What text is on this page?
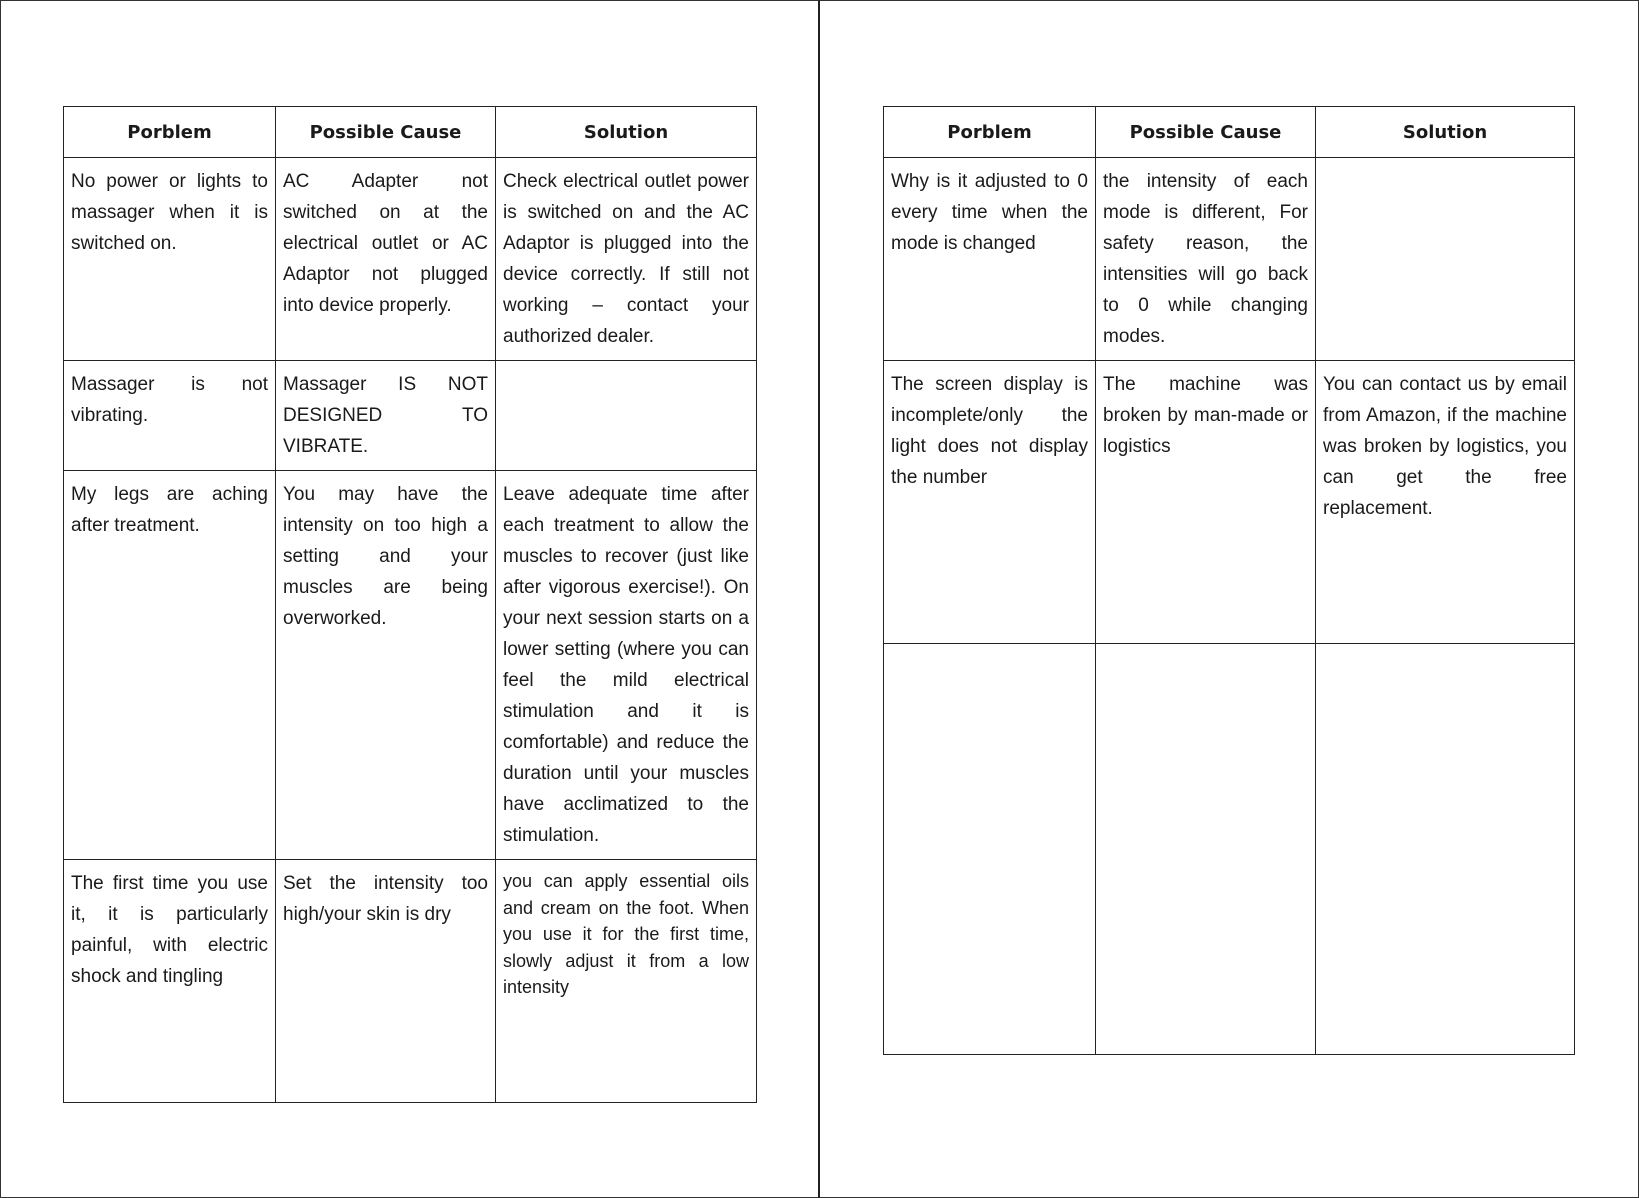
Porblem	Possible Cause	Solution
No power or lights to massager when it is switched on.	AC Adapter not switched on at the electrical outlet or AC Adaptor not plugged into device properly.	Check electrical outlet power is switched on and the AC Adaptor is plugged into the device correctly. If still not working – contact your authorized dealer.
Massager is not vibrating.	Massager IS NOT DESIGNED TO VIBRATE.	
My legs are aching after treatment.	You may have the intensity on too high a setting and your muscles are being overworked.	Leave adequate time after each treatment to allow the muscles to recover (just like after vigorous exercise!). On your next session starts on a lower setting (where you can feel the mild electrical stimulation and it is comfortable) and reduce the duration until your muscles have acclimatized to the stimulation.
The first time you use it, it is particularly painful, with electric shock and tingling	Set the intensity too high/your skin is dry	you can apply essential oils and cream on the foot. When you use it for the first time, slowly adjust it from a low intensity
Porblem	Possible Cause	Solution
Why is it adjusted to 0 every time when the mode is changed	the intensity of each mode is different, For safety reason, the intensities will go back to 0 while changing modes.	
The screen display is incomplete/only the light does not display the number	The machine was broken by man-made or logistics	You can contact us by email from Amazon, if the machine was broken by logistics, you can get the free replacement.
